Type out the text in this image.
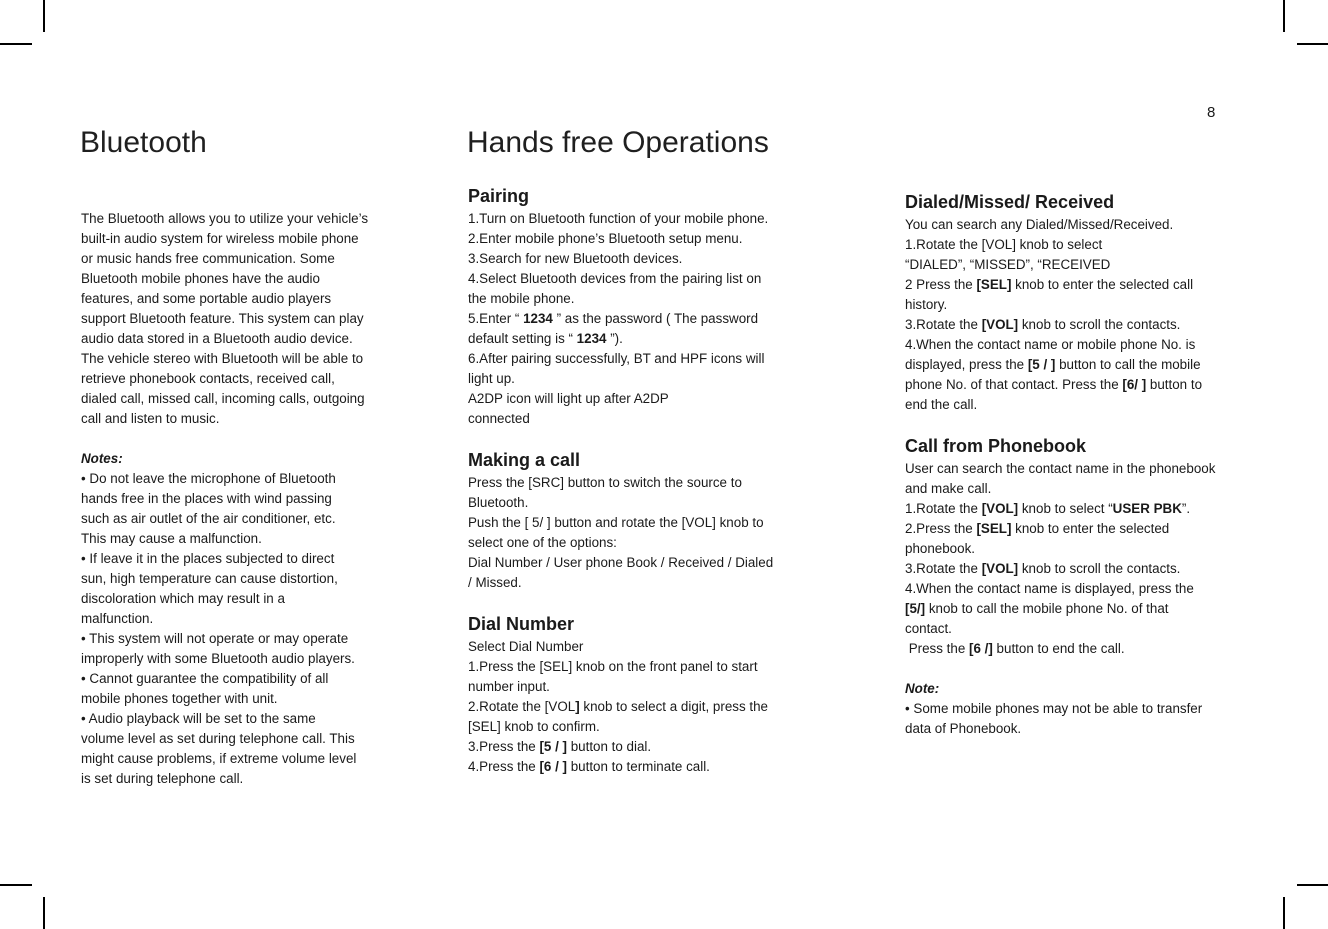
8
Bluetooth	Hands free Operations

The Bluetooth allows you to utilize your vehicle’s

built-in audio system for wireless mobile phone

or music hands free communication. Some

Bluetooth mobile phones have the audio

features, and some portable audio players

support Bluetooth feature. This system can play

audio data stored in a Bluetooth audio device.

The vehicle stereo with Bluetooth will be able to

retrieve phonebook contacts, received call,

dialed call, missed call, incoming calls, outgoing

call and listen to music.

Notes:

• Do not leave the microphone of Bluetooth

hands free in the places with wind passing

such as air outlet of the air conditioner, etc.

This may cause a malfunction.

• If leave it in the places subjected to direct

sun, high temperature can cause distortion,

discoloration which may result in a

malfunction.

• This system will not operate or may operate

improperly with some Bluetooth audio players.

• Cannot guarantee the compatibility of all

mobile phones together with unit.

• Audio playback will be set to the same

volume level as set during telephone call. This

might cause problems, if extreme volume level

is set during telephone call.

Pairing

1.Turn on Bluetooth function of your mobile phone.

2.Enter mobile phone’s Bluetooth setup menu.

3.Search for new Bluetooth devices.

4.Select Bluetooth devices from the pairing list on

the mobile phone.

5.Enter “ 1234 ” as the password ( The password

default setting is “ 1234 ”).

6.After pairing successfully, BT and HPF icons will

light up.

A2DP icon will light up after A2DP

connected

Making a call

Press the [SRC] button to switch the source to

Bluetooth.

Push the [ 5/ ] button and rotate the [VOL] knob to

select one of the options:

Dial Number / User phone Book / Received / Dialed

/ Missed.

Dial Number

Select Dial Number

1.Press the [SEL] knob on the front panel to start

number input.

2.Rotate the [VOL] knob to select a digit, press the

[SEL] knob to confirm.

3.Press the [5 / ] button to dial.

4.Press the [6 / ] button to terminate call.

Dialed/Missed/ Received

You can search any Dialed/Missed/Received.

1.Rotate the [VOL] knob to select

“DIALED”, “MISSED”, “RECEIVED

2 Press the [SEL] knob to enter the selected call

history.

3.Rotate the [VOL] knob to scroll the contacts.

4.When the contact name or mobile phone No. is

displayed, press the [5 / ] button to call the mobile

phone No. of that contact. Press the [6/ ] button to

end the call.

Call from Phonebook

User can search the contact name in the phonebook

and make call.

1.Rotate the [VOL] knob to select “USER PBK”.

2.Press the [SEL] knob to enter the selected

phonebook.

3.Rotate the [VOL] knob to scroll the contacts.

4.When the contact name is displayed, press the

[5/] knob to call the mobile phone No. of that

contact.

Press the [6 /] button to end the call.

Note:

• Some mobile phones may not be able to transfer

data of Phonebook.
